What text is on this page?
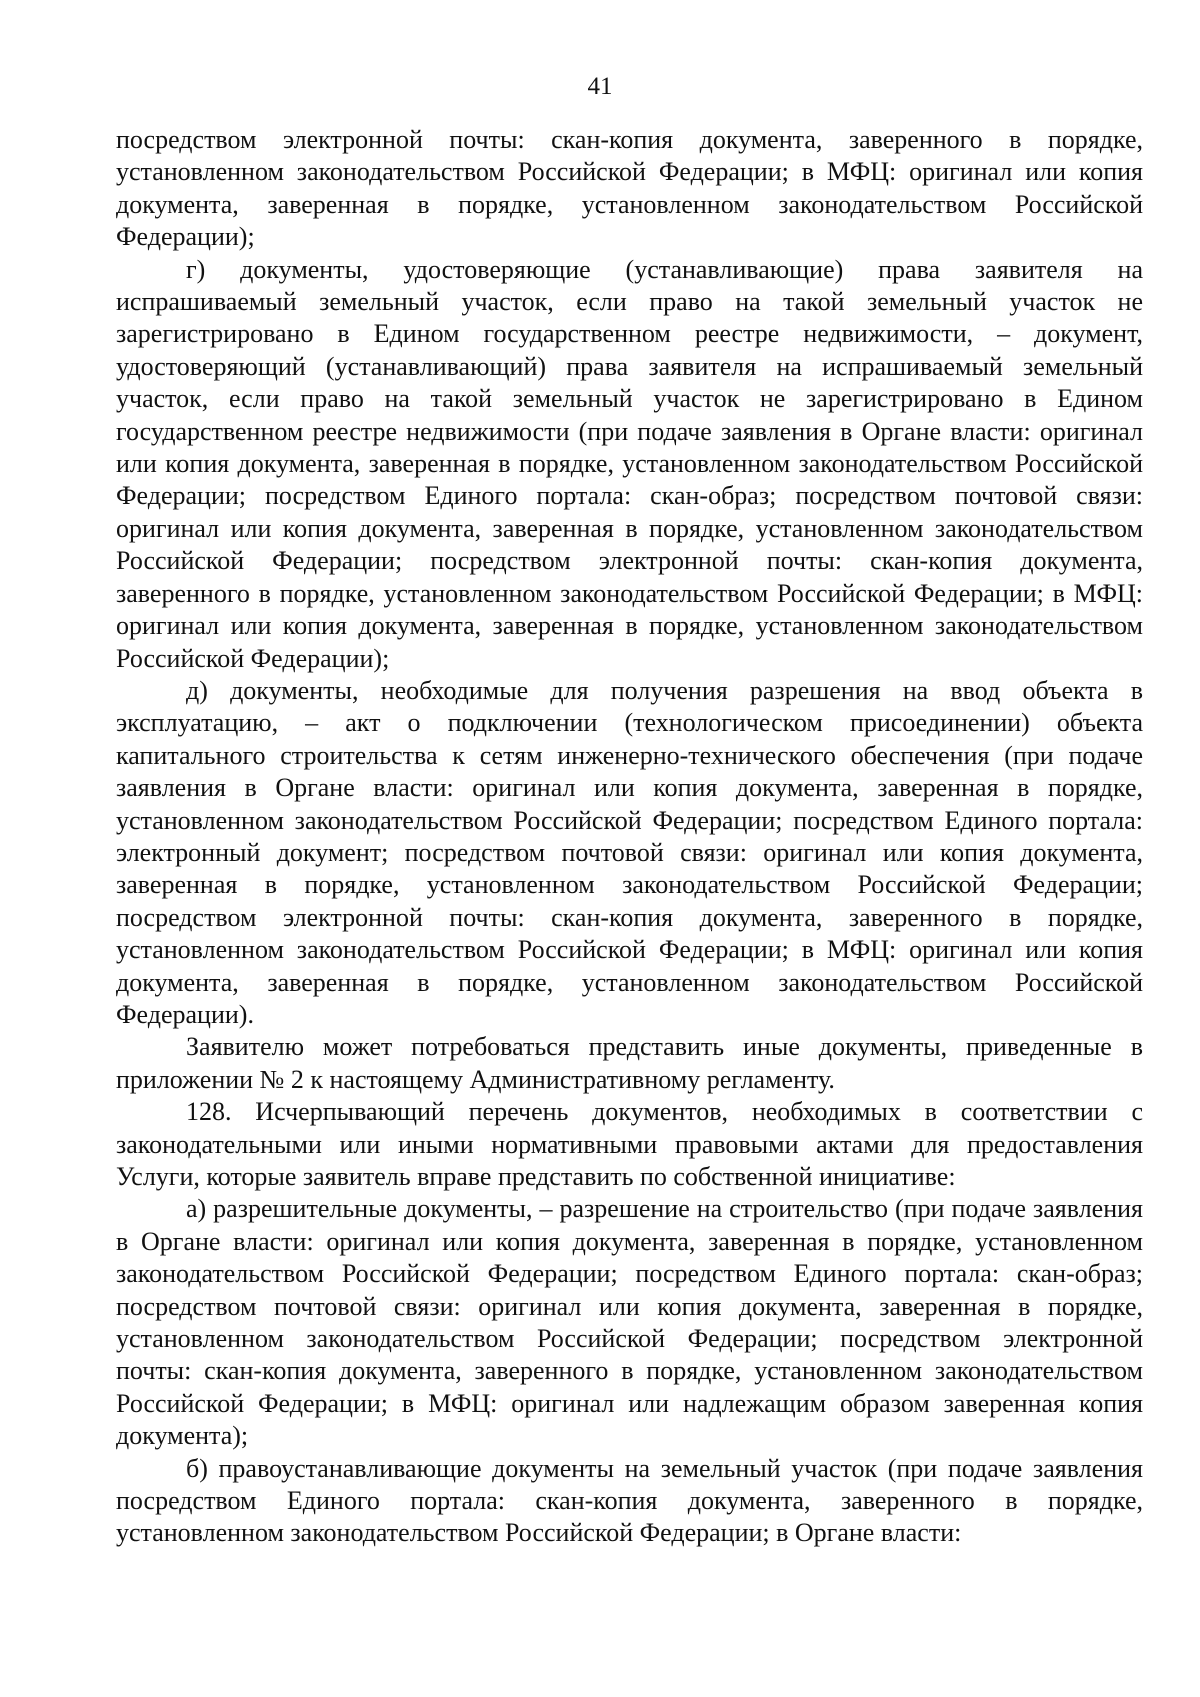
41

посредством электронной почты: скан-копия документа, заверенного в порядке, установленном законодательством Российской Федерации; в МФЦ: оригинал или копия документа, заверенная в порядке, установленном законодательством Российской Федерации);

г) документы, удостоверяющие (устанавливающие) права заявителя на испрашиваемый земельный участок, если право на такой земельный участок не зарегистрировано в Едином государственном реестре недвижимости, – документ, удостоверяющий (устанавливающий) права заявителя на испрашиваемый земельный участок, если право на такой земельный участок не зарегистрировано в Едином государственном реестре недвижимости (при подаче заявления в Органе власти: оригинал или копия документа, заверенная в порядке, установленном законодательством Российской Федерации; посредством Единого портала: скан-образ; посредством почтовой связи: оригинал или копия документа, заверенная в порядке, установленном законодательством Российской Федерации; посредством электронной почты: скан-копия документа, заверенного в порядке, установленном законодательством Российской Федерации; в МФЦ: оригинал или копия документа, заверенная в порядке, установленном законодательством Российской Федерации);

д) документы, необходимые для получения разрешения на ввод объекта в эксплуатацию, – акт о подключении (технологическом присоединении) объекта капитального строительства к сетям инженерно-технического обеспечения (при подаче заявления в Органе власти: оригинал или копия документа, заверенная в порядке, установленном законодательством Российской Федерации; посредством Единого портала: электронный документ; посредством почтовой связи: оригинал или копия документа, заверенная в порядке, установленном законодательством Российской Федерации; посредством электронной почты: скан-копия документа, заверенного в порядке, установленном законодательством Российской Федерации; в МФЦ: оригинал или копия документа, заверенная в порядке, установленном законодательством Российской Федерации).

Заявителю может потребоваться представить иные документы, приведенные в приложении № 2 к настоящему Административному регламенту.

128. Исчерпывающий перечень документов, необходимых в соответствии с законодательными или иными нормативными правовыми актами для предоставления Услуги, которые заявитель вправе представить по собственной инициативе:

а) разрешительные документы, – разрешение на строительство (при подаче заявления в Органе власти: оригинал или копия документа, заверенная в порядке, установленном законодательством Российской Федерации; посредством Единого портала: скан-образ; посредством почтовой связи: оригинал или копия документа, заверенная в порядке, установленном законодательством Российской Федерации; посредством электронной почты: скан-копия документа, заверенного в порядке, установленном законодательством Российской Федерации; в МФЦ: оригинал или надлежащим образом заверенная копия документа);

б) правоустанавливающие документы на земельный участок (при подаче заявления посредством Единого портала: скан-копия документа, заверенного в порядке, установленном законодательством Российской Федерации; в Органе власти:
